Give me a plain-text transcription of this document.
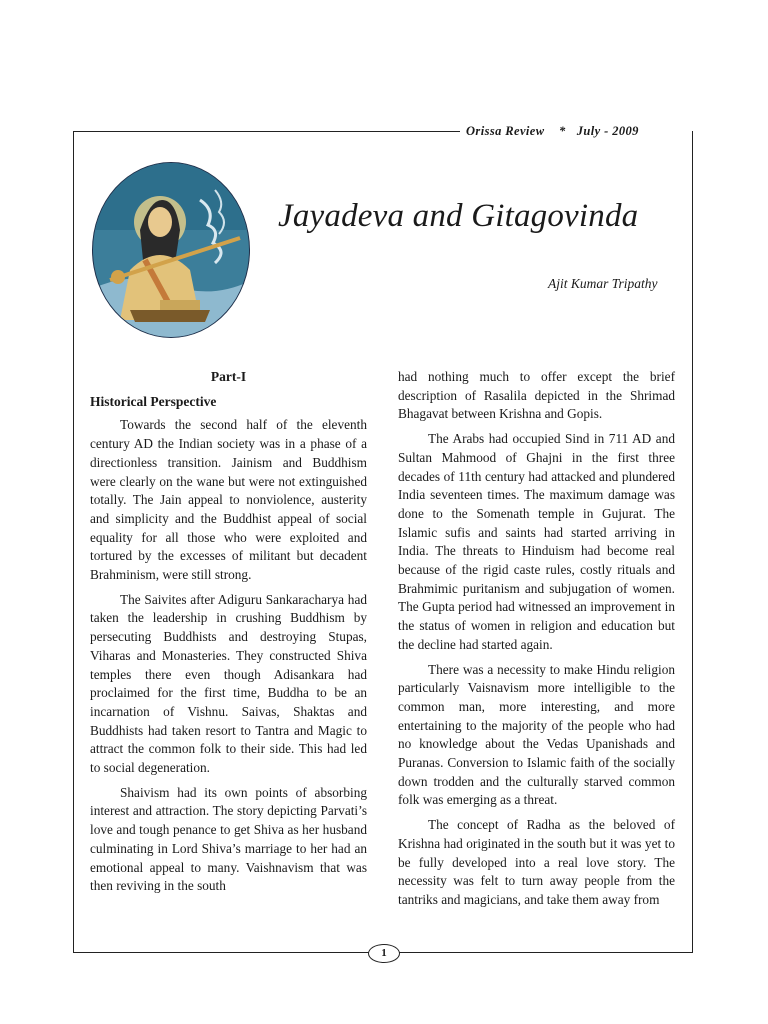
Orissa Review * July - 2009
Jayadeva and Gitagovinda
Ajit Kumar Tripathy
Part-I
Historical Perspective

Towards the second half of the eleventh century AD the Indian society was in a phase of a directionless transition. Jainism and Buddhism were clearly on the wane but were not extinguished totally. The Jain appeal to nonviolence, austerity and simplicity and the Buddhist appeal of social equality for all those who were exploited and tortured by the excesses of militant but decadent Brahminism, were still strong.

The Saivites after Adiguru Sankaracharya had taken the leadership in crushing Buddhism by persecuting Buddhists and destroying Stupas, Viharas and Monasteries. They constructed Shiva temples there even though Adisankara had proclaimed for the first time, Buddha to be an incarnation of Vishnu. Saivas, Shaktas and Buddhists had taken resort to Tantra and Magic to attract the common folk to their side. This had led to social degeneration.

Shaivism had its own points of absorbing interest and attraction. The story depicting Parvati’s love and tough penance to get Shiva as her husband culminating in Lord Shiva’s marriage to her had an emotional appeal to many. Vaishnavism that was then reviving in the south

had nothing much to offer except the brief description of Rasalila depicted in the Shrimad Bhagavat between Krishna and Gopis.

The Arabs had occupied Sind in 711 AD and Sultan Mahmood of Ghajni in the first three decades of 11th century had attacked and plundered India seventeen times. The maximum damage was done to the Somenath temple in Gujurat. The Islamic sufis and saints had started arriving in India. The threats to Hinduism had become real because of the rigid caste rules, costly rituals and Brahmimic puritanism and subjugation of women. The Gupta period had witnessed an improvement in the status of women in religion and education but the decline had started again.

There was a necessity to make Hindu religion particularly Vaisnavism more intelligible to the common man, more interesting, and more entertaining to the majority of the people who had no knowledge about the Vedas Upanishads and Puranas. Conversion to Islamic faith of the socially down trodden and the culturally starved common folk was emerging as a threat.

The concept of Radha as the beloved of Krishna had originated in the south but it was yet to be fully developed into a real love story. The necessity was felt to turn away people from the tantriks and magicians, and take them away from

1
